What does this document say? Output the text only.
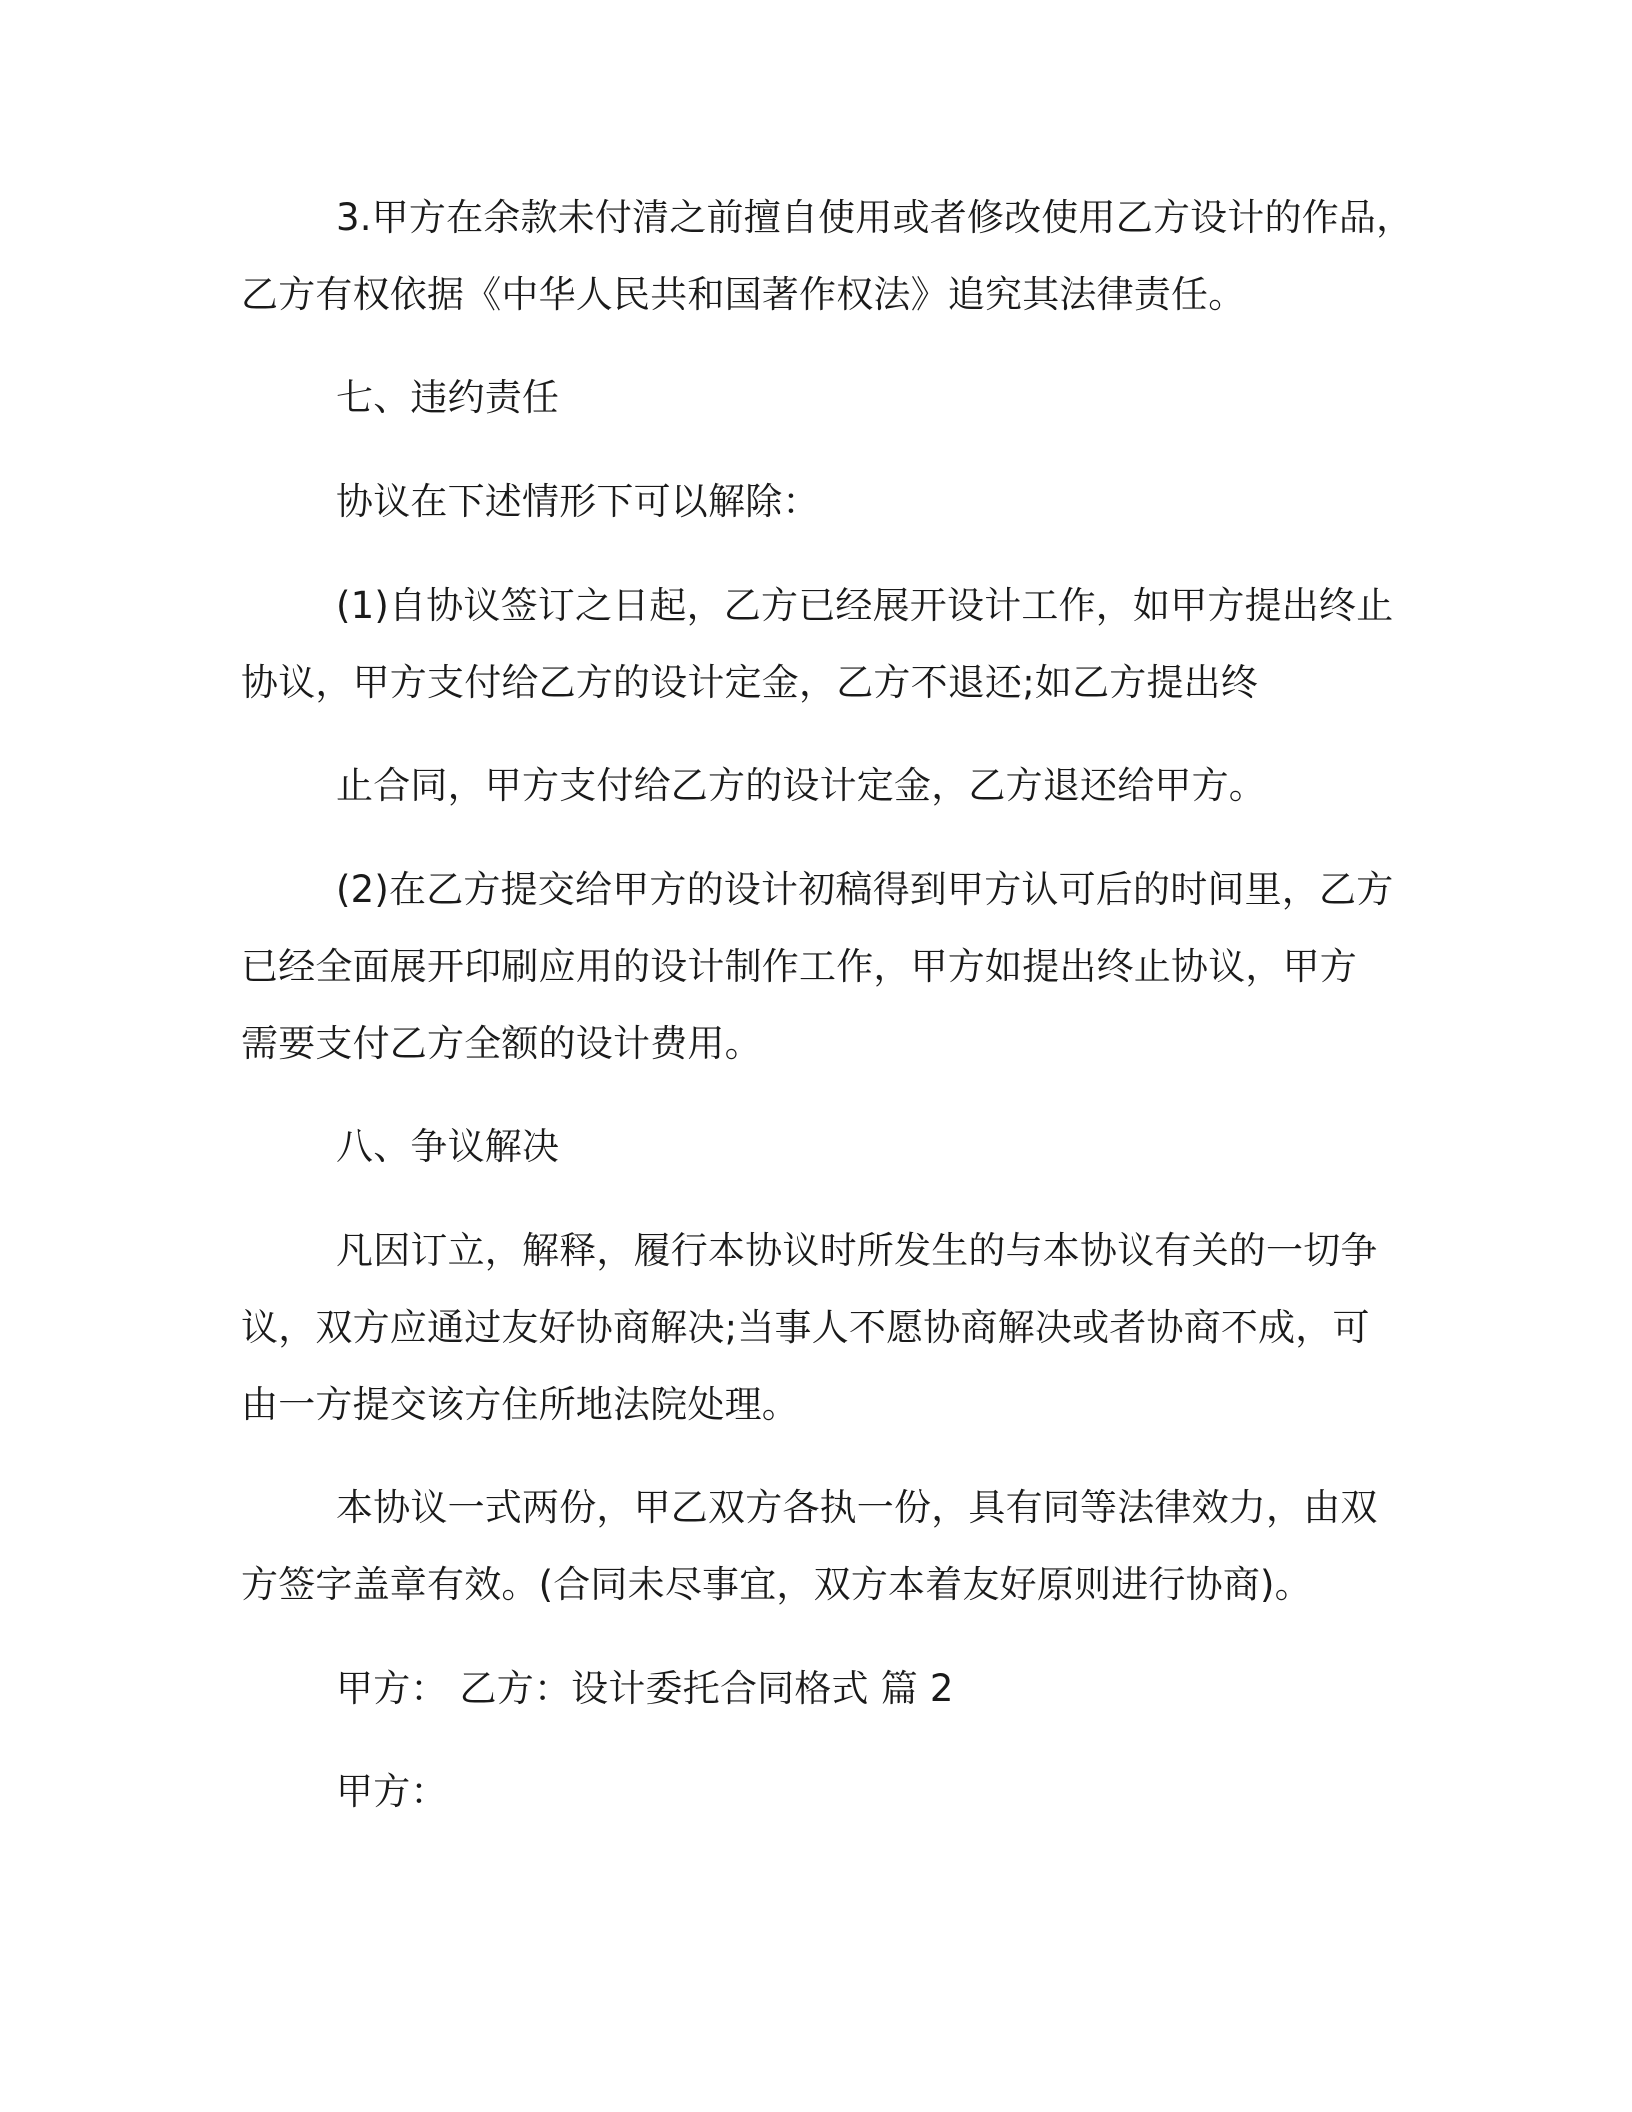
3.甲方在余款未付清之前擅自使用或者修改使用乙方设计的作品，
乙方有权依据《中华人民共和国著作权法》追究其法律责任。
七、违约责任
协议在下述情形下可以解除：
(1)自协议签订之日起，乙方已经展开设计工作，如甲方提出终止
协议，甲方支付给乙方的设计定金，乙方不退还;如乙方提出终
止合同，甲方支付给乙方的设计定金，乙方退还给甲方。
(2)在乙方提交给甲方的设计初稿得到甲方认可后的时间里，乙方
已经全面展开印刷应用的设计制作工作，甲方如提出终止协议，甲方
需要支付乙方全额的设计费用。
八、争议解决
凡因订立，解释，履行本协议时所发生的与本协议有关的一切争
议，双方应通过友好协商解决;当事人不愿协商解决或者协商不成，可
由一方提交该方住所地法院处理。
本协议一式两份，甲乙双方各执一份，具有同等法律效力，由双
方签字盖章有效。(合同未尽事宜，双方本着友好原则进行协商)。
甲方： 乙方：设计委托合同格式 篇 2
甲方：
